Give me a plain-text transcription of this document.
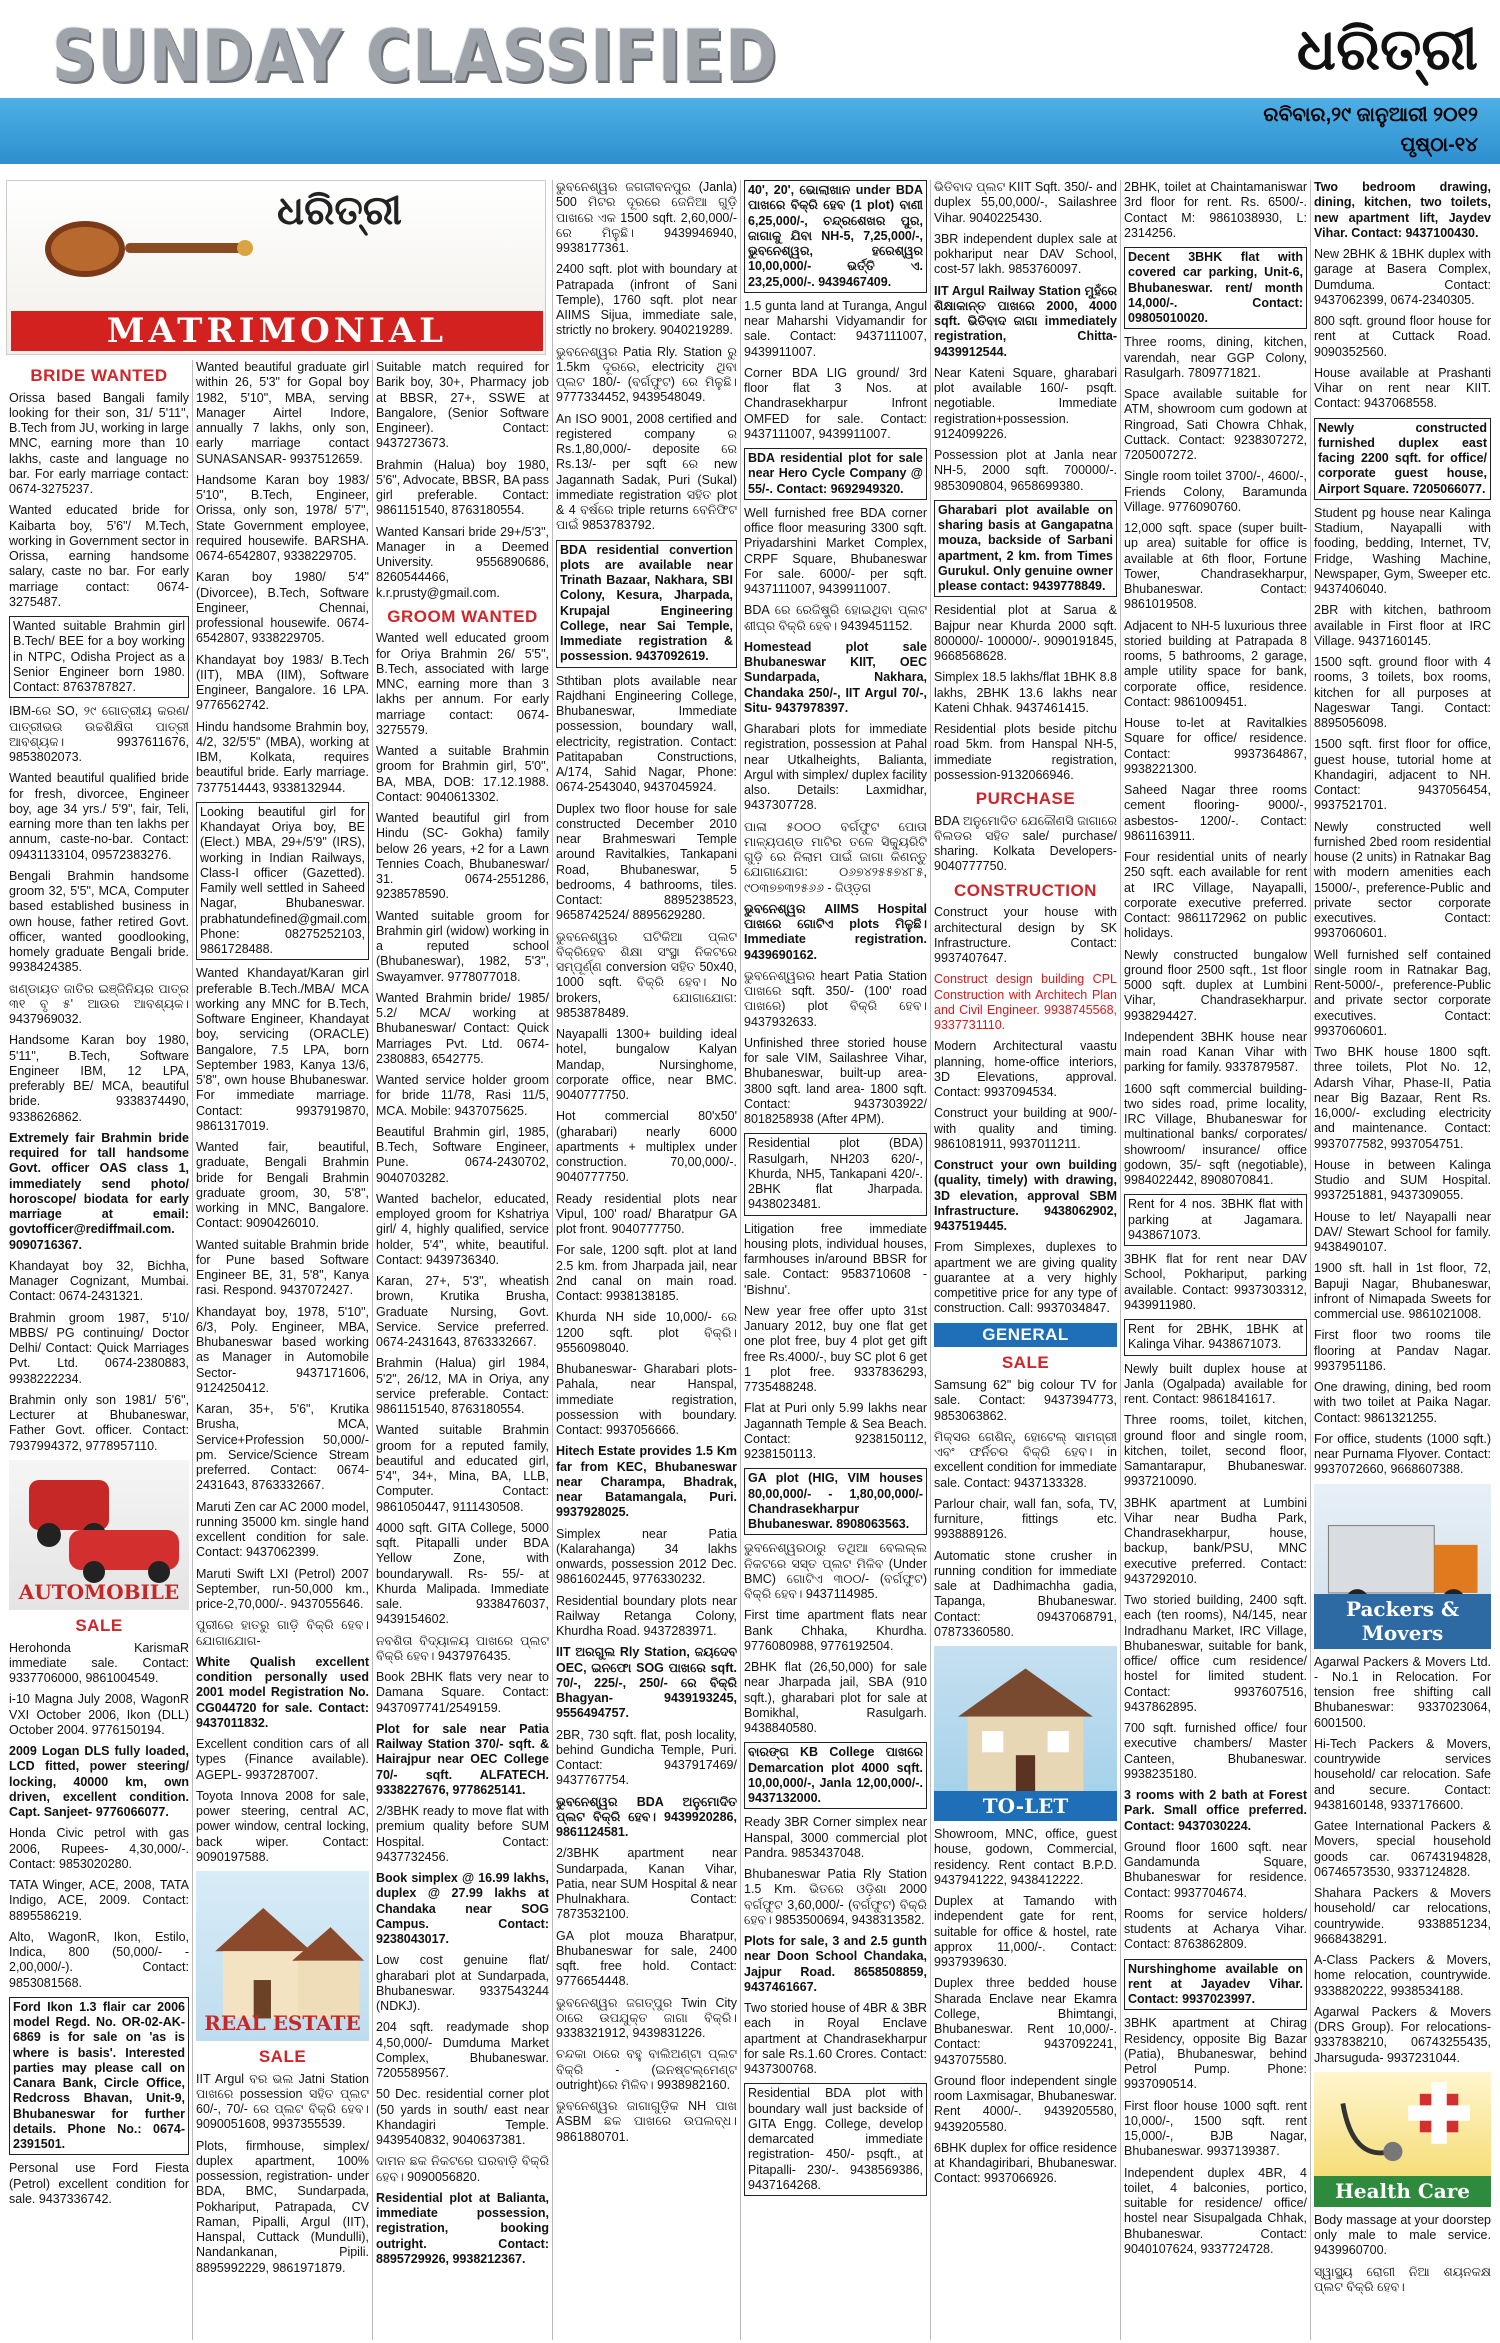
SUNDAY CLASSIFIED	ଧରିତ୍ରୀ
ରବିବାର,୨୯ ଜାନୁଆରୀ ୨୦୧୨
ପୃଷ୍ଠା-୧୪
ଧରିତ୍ରୀ
MATRIMONIAL
BRIDE WANTED
Orissa based Bangali family looking for their son, 31/ 5'11", B.Tech from JU, working in large MNC, earning more than 10 lakhs, caste and language no bar. For early marriage contact: 0674-3275237.
Wanted educated bride for Kaibarta boy, 5'6"/ M.Tech, working in Government sector in Orissa, earning handsome salary, caste no bar. For early marriage contact: 0674-3275487.
Wanted suitable Brahmin girl B.Tech/ BEE for a boy working in NTPC, Odisha Project as a Senior Engineer born 1980. Contact: 8763787827.
IBM-ରେ SO, ୨୯ ଗୋତ୍ରୀୟ କରଣ/ ପାତ୍ରୀଭଉ ଉଚ୍ଚଶିକ୍ଷିତା ପାତ୍ରୀ ଆବଶ୍ୟକ। 9937611676, 9853802073.
Wanted beautiful qualified bride for fresh, divorcee, Engineer boy, age 34 yrs./ 5'9", fair, Teli, earning more than ten lakhs per annum, caste-no-bar. Contact: 09431133104, 09572383276.
Bengali Brahmin handsome groom 32, 5'5", MCA, Computer based established business in own house, father retired Govt. officer, wanted goodlooking, homely graduate Bengali bride. 9938424385.
ଖଣ୍ଡାୟତ ଜାତିର ଇଞ୍ଜିନିୟର ପାତ୍ର ୩୧ ବୃ ୫' ଆଉର ଆବଶ୍ୟକ। 9437969032.
Handsome Karan boy 1980, 5'11", B.Tech, Software Engineer IBM, 12 LPA, preferably BE/ MCA, beautiful bride. 9338374490, 9338626862.
Extremely fair Brahmin bride required for tall handsome Govt. officer OAS class 1, immediately send photo/ horoscope/ biodata for early marriage at email: govtofficer@rediffmail.com. 9090716367.
Khandayat boy 32, Bichha, Manager Cognizant, Mumbai. Contact: 0674-2431321.
Brahmin groom 1987, 5'10/ MBBS/ PG continuing/ Doctor Delhi/ Contact: Quick Marriages Pvt. Ltd. 0674-2380883, 9938222234.
Brahmin only son 1981/ 5'6", Lecturer at Bhubaneswar, Father Govt. officer. Contact: 7937994372, 9778957110.
AUTOMOBILE
SALE
Herohonda KarismaR immediate sale. Contact: 9337706000, 9861004549.
i-10 Magna July 2008, WagonR VXI October 2006, Ikon (DLL) October 2004. 9776150194.
2009 Logan DLS fully loaded, LCD fitted, power steering/ locking, 40000 km, own driven, excellent condition. Capt. Sanjeet- 9776066077.
Honda Civic petrol with gas 2006, Rupees- 4,30,000/-. Contact: 9853020280.
TATA Winger, ACE, 2008, TATA Indigo, ACE, 2009. Contact: 8895586219.
Alto, WagonR, Ikon, Estilo, Indica, 800 (50,000/- - 2,00,000/-). Contact: 9853081568.
Ford Ikon 1.3 flair car 2006 model Regd. No. OR-02-AK-6869 is for sale on 'as is where is basis'. Interested parties may please call on Canara Bank, Circle Office, Redcross Bhavan, Unit-9, Bhubaneswar for further details. Phone No.: 0674-2391501.
Personal use Ford Fiesta (Petrol) excellent condition for sale. 9437336742.
Wanted beautiful graduate girl within 26, 5'3" for Gopal boy 1982, 5'10", MBA, serving Manager Airtel Indore, annually 7 lakhs, only son, early marriage contact SUNASANSAR- 9937512659.
Handsome Karan boy 1983/ 5'10", B.Tech, Engineer, Orissa, only son, 1978/ 5'7", State Government employee, required housewife. BARSHA. 0674-6542807, 9338229705.
Karan boy 1980/ 5'4" (Divorcee), B.Tech, Software Engineer, Chennai, professional housewife. 0674-6542807, 9338229705.
Khandayat boy 1983/ B.Tech (IIT), MBA (IIM), Software Engineer, Bangalore. 16 LPA. 9776562742.
Hindu handsome Brahmin boy, 4/2, 32/5'5" (MBA), working at IBM, Kolkata, requires beautiful bride. Early marriage. 7377514443, 9338132944.
Looking beautiful girl for Khandayat Oriya boy, BE (Elect.) MBA, 29+/5'9" (IRS), working in Indian Railways, Class-I officer (Gazetted). Family well settled in Saheed Nagar, Bhubaneswar. prabhatundefined@gmail.com. Phone: 08275252103, 9861728488.
Wanted Khandayat/Karan girl preferable B.Tech./MBA/ MCA working any MNC for B.Tech, Software Engineer, Khandayat boy, servicing (ORACLE) Bangalore, 7.5 LPA, born September 1983, Kanya 13/6, 5'8", own house Bhubaneswar. For immediate marriage. Contact: 9937919870, 9861317019.
Wanted fair, beautiful, graduate, Bengali Brahmin bride for Bengali Brahmin graduate groom, 30, 5'8", working in MNC, Bangalore. Contact: 9090426010.
Wanted suitable Brahmin bride for Pune based Software Engineer BE, 31, 5'8", Kanya rasi. Respond. 9437072427.
Khandayat boy, 1978, 5'10", 6/3, Poly. Engineer, MBA, Bhubaneswar based working as Manager in Automobile Sector- 9437171606, 9124250412.
Karan, 35+, 5'6", Krutika Brusha, MCA, Service+Profession 50,000/- pm. Service/Science Stream preferred. Contact: 0674-2431643, 8763332667.
Maruti Zen car AC 2000 model, running 35000 km. single hand excellent condition for sale. Contact: 9437062399.
Maruti Swift LXI (Petrol) 2007 September, run-50,000 km., price-2,70,000/-. 9437055646.
ପୁରୀରେ ହାତରୁ ଗାଡ଼ି ବିକ୍ରି ହେବ। ଯୋଗାଯୋଗ-
White Qualish excellent condition personally used 2001 model Registration No. CG044720 for sale. Contact: 9437011832.
Excellent condition cars of all types (Finance available). AGEPL- 9937287007.
Toyota Innova 2008 for sale, power steering, central AC, power window, central locking, back wiper. Contact: 9090197588.
REAL ESTATE
SALE
IIT Argul ବର ଭଲ Jatni Station ପାଖରେ possession ସହିତ ପ୍ଲଟ 60/-, 70/- ରେ ପ୍ଲଟ ବିକ୍ରି ହେବ। 9090051608, 9937355539.
Plots, firmhouse, simplex/ duplex apartment, 100% possession, registration- under BDA, BMC, Sundarpada, Pokhariput, Patrapada, CV Raman, Pipalli, Argul (IIT), Hanspal, Cuttack (Mundulli), Nandankanan, Pipili. 8895992229, 9861971879.
Suitable match required for Barik boy, 30+, Pharmacy job at BBSR, 27+, SSWE at Bangalore, (Senior Software Engineer). Contact: 9437273673.
Brahmin (Halua) boy 1980, 5'6", Advocate, BBSR, BA pass girl preferable. Contact: 9861151540, 8763180554.
Wanted Kansari bride 29+/5'3", Manager in a Deemed University. 9556890686, 8260544466, k.r.prusty@gmail.com.
GROOM WANTED
Wanted well educated groom for Oriya Brahmin 26/ 5'5", B.Tech, associated with large MNC, earning more than 3 lakhs per annum. For early marriage contact: 0674-3275579.
Wanted a suitable Brahmin groom for Brahmin girl, 5'0", BA, MBA, DOB: 17.12.1988. Contact: 9040613302.
Wanted beautiful girl from Hindu (SC- Gokha) family below 26 years, +2 for a Lawn Tennies Coach, Bhubaneswar/ 31. 0674-2551286, 9238578590.
Wanted suitable groom for Brahmin girl (widow) working in a reputed school (Bhubaneswar), 1982, 5'3", Swayamver. 9778077018.
Wanted Brahmin bride/ 1985/ 5.2/ MCA/ working at Bhubaneswar/ Contact: Quick Marriages Pvt. Ltd. 0674-2380883, 6542775.
Wanted service holder groom for bride 11/78, Rasi 11/5, MCA. Mobile: 9437075625.
Beautiful Brahmin girl, 1985, B.Tech, Software Engineer, Pune. 0674-2430702, 9040703282.
Wanted bachelor, educated, employed groom for Kshatriya girl/ 4, highly qualified, service holder, 5'4", white, beautiful. Contact: 9439736340.
Karan, 27+, 5'3", wheatish brown, Krutika Brusha, Graduate Nursing, Govt. Service. Service preferred. 0674-2431643, 8763332667.
Brahmin (Halua) girl 1984, 5'2", 26/12, MA in Oriya, any service preferable. Contact: 9861151540, 8763180554.
Wanted suitable Brahmin groom for a reputed family, beautiful and educated girl, 5'4", 34+, Mina, BA, LLB, Computer. Contact: 9861050447, 9111430508.
4000 sqft. GITA College, 5000 sqft. Pitapalli under BDA Yellow Zone, with boundarywall. Rs- 55/- at Khurda Malipada. Immediate sale. 9338476037, 9439154602.
ନବଶିତା ବିଦ୍ୟାଳୟ ପାଖରେ ପ୍ଲଟ ବିକ୍ରି ହେବ। 9437976435.
Book 2BHK flats very near to Damana Square. Contact: 9437097741/2549159.
Plot for sale near Patia Railway Station 370/- sqft. & Hairajpur near OEC College 70/- sqft. ALFATECH. 9338227676, 9778625141.
2/3BHK ready to move flat with premium quality before SUM Hospital. Contact: 9437732456.
Book simplex @ 16.99 lakhs, duplex @ 27.99 lakhs at Chandaka near SOG Campus. Contact: 9238043017.
Low cost genuine flat/ gharabari plot at Sundarpada, Bhubaneswar. 9337543244 (NDKJ).
204 sqft. readymade shop 4,50,000/- Dumduma Market Complex, Bhubaneswar. 7205589567.
50 Dec. residential corner plot (50 yards in south/ east near Khandagiri Temple. 9439540832, 9040637381.
ଦାମନ ଛକ ନିକଟରେ ଘରବାଡ଼ି ବିକ୍ରି ହେବ। 9090056820.
Residential plot at Balianta, immediate possession, registration, booking outright. Contact: 8895729926, 9938212367.
ଭୁବନେଶ୍ୱର ଜଗଜୀବନପୁର (Janla) 500 ମିଟର ଦୂରରେ ଜେନିଆ ଗୁଡ଼ି ପାଖରେ ଏକ 1500 sqft. 2,60,000/- ରେ ମିଳୁଛି। 9439946940, 9938177361.
2400 sqft. plot with boundary at Patrapada (infront of Sani Temple), 1760 sqft. plot near AIIMS Sijua, immediate sale, strictly no brokery. 9040219289.
ଭୁବନେଶ୍ୱର Patia Rly. Station ରୁ 1.5km ଦୂରରେ, electricity ଥିବା ପ୍ଲଟ 180/- (ବର୍ଗଫୁଟ) ରେ ମିଳୁଛି। 9777334452, 9439548049.
An ISO 9001, 2008 certified and registered company ର Rs.1,80,000/- deposite ରେ Rs.13/- per sqft ରେ new Jagannath Sadak, Puri (Sukal) immediate registration ସହିତ plot & 4 ବର୍ଷରେ triple returns ବେନିଫିଟ ପାଇଁ 9853783792.
BDA residential convertion plots are available near Trinath Bazaar, Nakhara, SBI Colony, Kesura, Jharpada, Krupajal Engineering College, near Sai Temple, Immediate registration & possession. 9437092619.
Sthtiban plots available near Rajdhani Engineering College, Bhubaneswar, Immediate possession, boundary wall, electricity, registration. Contact: Patitapaban Constructions, A/174, Sahid Nagar, Phone: 0674-2543040, 9437045924.
Duplex two floor house for sale constructed December 2010 near Brahmeswari Temple around Ravitalkies, Tankapani Road, Bhubaneswar, 5 bedrooms, 4 bathrooms, tiles. Contact: 8895238523, 9658742524/ 8895629280.
ଭୁବନେଶ୍ୱର ଘଟିକିଆ ପ୍ଲଟ ବିକ୍ରିହେବ ଶିକ୍ଷା ସଂସ୍ଥା ନିକଟରେ ସମ୍ପୂର୍ଣ୍ଣ conversion ସହିତ 50x40, 1000 sqft. ବିକ୍ରି ହେବ। No brokers, ଯୋଗାଯୋଗ: 9853878489.
Nayapalli 1300+ building ideal hotel, bungalow Kalyan Mandap, Nursinghome, corporate office, near BMC. 9040777750.
Hot commercial 80'x50' (gharabari) nearly 6000 apartments + multiplex under construction. 70,00,000/-. 9040777750.
Ready residential plots near Vipul, 100' road/ Bharatpur GA plot front. 9040777750.
For sale, 1200 sqft. plot at land 2.5 km. from Jharpada jail, near 2nd canal on main road. Contact: 9938138185.
Khurda NH side 10,000/- ରେ 1200 sqft. plot ବିକ୍ରି। 9556098040.
Bhubaneswar- Gharabari plots- Pahala, near Hanspal, immediate registration, possession with boundary. Contact: 9937056666.
Hitech Estate provides 1.5 Km far from KEC, Bhubaneswar near Charampa, Bhadrak, near Batamangala, Puri. 9937928025.
Simplex near Patia (Kalarahanga) 34 lakhs onwards, possession 2012 Dec. 9861602445, 9776330232.
Residential boundary plots near Railway Retanga Colony, Khurdha Road. 9437283971.
IIT ଅରଗୁଲ Rly Station, ଜୟଦେବ OEC, ଇନଫୋ SOG ପାଖରେ sqft. 70/-, 225/-, 250/- ରେ ବିକ୍ରି Bhagyan- 9439193245, 9556494757.
2BR, 730 sqft. flat, posh locality, behind Gundicha Temple, Puri. Contact: 9437917469/ 9437767754.
ଭୁବନେଶ୍ୱର BDA ଅନୁମୋଦିତ ପ୍ଲଟ ବିକ୍ରି ହେବ। 9439920286, 9861124581.
2/3BHK apartment near Sundarpada, Kanan Vihar, Patia, near SUM Hospital & near Phulnakhara. Contact: 7873532100.
GA plot mouza Bharatpur, Bhubaneswar for sale, 2400 sqft. free hold. Contact: 9776654448.
ଭୁବନେଶ୍ୱର ଜଗତ୍ପୁର Twin City ଠାରେ ଉପଯୁକ୍ତ ଜାଗା ବିକ୍ରି। 9338321912, 9439831226.
ଚନ୍ଦକା ଠାରେ ବହୁ ବାଲିଅଣ୍ଟା ପ୍ଲଟ ବିକ୍ରି - (ଇନଷ୍ଟଲ୍ମେଣ୍ଟ outright)ରେ ମିଳିବ। 9938982160.
ଭୁବନେଶ୍ୱର ଜାଗାଗୁଡ଼ିକ NH ପାଖ ASBM ଛକ ପାଖରେ ଉପଲବ୍ଧ। 9861880701.
40', 20', ଭୋଲାଖାନ under BDA ପାଖରେ ବିକ୍ରି ହେବ (1 plot) ବାଣୀ 6,25,000/-, ଚନ୍ଦ୍ରଶେଖର ପୁର, ଜାଗାକୁ ଯିବା NH-5, 7,25,000/-, ଭୁବନେଶ୍ୱର, ହରେଶ୍ୱର 10,00,000/- ଭର୍ତ୍ତି ଏ. 23,25,000/-. 9439467409.
1.5 gunta land at Turanga, Angul near Maharshi Vidyamandir for sale. Contact: 9437111007, 9439911007.
Corner BDA LIG ground/ 3rd floor flat 3 Nos. at Chandrasekharpur Infront OMFED for sale. Contact: 9437111007, 9439911007.
BDA residential plot for sale near Hero Cycle Company @ 55/-. Contact: 9692949320.
Well furnished free BDA corner office floor measuring 3300 sqft. Priyadarshini Market Complex, CRPF Square, Bhubaneswar For sale. 6000/- per sqft. 9437111007, 9439911007.
BDA ରେ ରେଜିଷ୍ଟ୍ରି ହୋଇଥିବା ପ୍ଲଟ ଶୀଘ୍ର ବିକ୍ରି ହେବ। 9439451152.
Homestead plot sale Bhubaneswar KIIT, OEC Sundarpada, Nakhara, Chandaka 250/-, IIT Argul 70/-, Situ- 9437978397.
Gharabari plots for immediate registration, possession at Pahal near Utkalheights, Balianta, Argul with simplex/ duplex facility also. Details: Laxmidhar, 9437307728.
ପାଳା ୫୦୦୦ ବର୍ଗଫୁଟ ପୋତା ମାଳ୍ୟପଣ୍ଡ ମାଟିର ତଳେ ସିକ୍ୟୁରିଟି ଗୁଡ଼ି ରେ ନିଲାମ ପାଇଁ ଜାଗା କିଣନ୍ତୁ ଯୋଗାଯୋଗ: ୦୬୭୪୨୫୫୭୪୮୫, ୯୦୩୭୭୩୨୫୬୬ - ଜିଓ୍ଡ଼ଗ
ଭୁବନେଶ୍ୱର AIIMS Hospital ପାଖରେ ଗୋଟିଏ plots ମିଳୁଛି। Immediate registration. 9439690162.
ଭୁବନେଶ୍ୱରର heart Patia Station ପାଖରେ sqft. 350/- (100' road ପାଖରେ) plot ବିକ୍ରି ହେବ। 9437932633.
Unfinished three storied house for sale VIM, Sailashree Vihar, Bhubaneswar, built-up area-3800 sqft. land area- 1800 sqft. Contact: 9437303922/ 8018258938 (After 4PM).
Residential plot (BDA) Rasulgarh, NH203 620/-, Khurda, NH5, Tankapani 420/-. 2BHK flat Jharpada. 9438023481.
Litigation free immediate housing plots, individual houses, farmhouses in/around BBSR for sale. Contact: 9583710608 -'Bishnu'.
New year free offer upto 31st January 2012, buy one flat get one plot free, buy 4 plot get gift free Rs.4000/-, buy SC plot 6 get 1 plot free. 9337836293, 7735488248.
Flat at Puri only 5.99 lakhs near Jagannath Temple & Sea Beach. Contact: 9238150112, 9238150113.
GA plot (HIG, VIM houses 80,00,000/- - 1,80,00,000/- Chandrasekharpur Bhubaneswar. 8908063563.
ଭୁବନେଶ୍ୱରଠାରୁ ତଥିଆ ବେଲଲ୍ଲ ନିକଟରେ ସସ୍ତ ପ୍ଲଟ ମିଳିବ (Under BMC) ଗୋଟିଏ ୩୦୦/- (ବର୍ଗଫୁଟ) ବିକ୍ରି ହେବ। 9437114985.
First time apartment flats near Bank Chhaka, Khurdha. 9776080988, 9776192504.
2BHK flat (26,50,000) for sale near Jharpada jail, SBA (910 sqft.), gharabari plot for sale at Bomikhal, Rasulgarh. 9438840580.
ବାରଙ୍ଗ KB College ପାଖରେ Demarcation plot 4000 sqft. 10,00,000/-, Janla 12,00,000/-. 9437132000.
Ready 3BR Corner simplex near Hanspal, 3000 commercial plot Pandra. 9853437048.
Bhubaneswar Patia Rly Station 1.5 Km. ଭିତରେ ଓଡ଼ିଶା 2000 ବର୍ଗଫୁଟ 3,60,000/- (ବର୍ଗଫୁଟ) ବିକ୍ରି ହେବ। 9853500694, 9438313582.
Plots for sale, 3 and 2.5 gunth near Doon School Chandaka, Jajpur Road. 8658508859, 9437461667.
Two storied house of 4BR & 3BR each in Royal Enclave apartment at Chandrasekharpur for sale Rs.1.60 Crores. Contact: 9437300768.
Residential BDA plot with boundary wall just backside of GITA Engg. College, develop demarcated immediate registration- 450/- psqft., at Pitapalli- 230/-. 9438569386, 9437164268.
ଭିତିବାଦ ପ୍ଲଟ KIIT Sqft. 350/- and duplex 55,00,000/-, Sailashree Vihar. 9040225430.
3BR independent duplex sale at pokhariput near DAV School, cost-57 lakh. 9853760097.
IIT Argul Railway Station ମୁହଁରେ ଶିକ୍ଷାକାନ୍ତ ପାଖରେ 2000, 4000 sqft. ଭିତିବାଦ ଜାଗା immediately registration, Chitta- 9439912544.
Near Kateni Square, gharabari plot available 160/- psqft. negotiable. Immediate registration+possession. 9124099226.
Possession plot at Janla near NH-5, 2000 sqft. 700000/-. 9853090804, 9658699380.
Gharabari plot available on sharing basis at Gangapatna mouza, backside of Sarbani apartment, 2 km. from Times Gurukul. Only genuine owner please contact: 9439778849.
Residential plot at Sarua & Bajpur near Khurda 2000 sqft. 800000/- 100000/-. 9090191845, 9668568628.
Simplex 18.5 lakhs/flat 1BHK 8.8 lakhs, 2BHK 13.6 lakhs near Kateni Chhak. 9437461415.
Residential plots beside pitchu road 5km. from Hanspal NH-5, immediate registration, possession-9132066946.
PURCHASE
BDA ଅନୁମୋଦିତ ଯେକୌଣସି ଜାଗାରେ ବିଲଡର ସହିତ sale/ purchase/ sharing. Kolkata Developers- 9040777750.
CONSTRUCTION
Construct your house with architectural design by SK Infrastructure. Contact: 9937407647.
Construct design building CPL Construction with Architech Plan and Civil Engineer. 9938745568, 9337731110.
Modern Architectural vaastu planning, home-office interiors, 3D Elevations, approval. Contact: 9937094534.
Construct your building at 900/- with quality and timing. 9861081911, 9937011211.
Construct your own building (quality, timely) with drawing, 3D elevation, approval SBM Infrastructure. 9438062902, 9437519445.
From Simplexes, duplexes to apartment we are giving quality guarantee at a very highly competitive price for any type of construction. Call: 9937034847.
GENERAL
SALE
Samsung 62" big colour TV for sale. Contact: 9437394773, 9853063862.
ମିକ୍ସର ଗେଶିନ୍, ହୋଟେଲ୍ ସାମଗ୍ରୀ ଏବଂ ଫର୍ନିଚର ବିକ୍ରି ହେବ। in excellent condition for immediate sale. Contact: 9437133328.
Parlour chair, wall fan, sofa, TV, furniture, fittings etc. 9938889126.
Automatic stone crusher in running condition for immediate sale at Dadhimachha gadia, Tapanga, Bhubaneswar. Contact: 09437068791, 07873360580.
TO-LET
Showroom, MNC, office, guest house, godown, Commercial, residency. Rent contact B.P.D. 9437941222, 9438412222.
Duplex at Tamando with independent gate for rent, suitable for office & hostel, rate approx 11,000/-. Contact: 9937939630.
Duplex three bedded house Sharada Enclave near Ekamra College, Bhimtangi, Bhubaneswar. Rent 10,000/-. Contact: 9437092241, 9437075580.
Ground floor independent single room Laxmisagar, Bhubaneswar. Rent 4000/-. 9439205580, 9439205580.
6BHK duplex for office residence at Khandagiribari, Bhubaneswar. Contact: 9937066926.
2BHK, toilet at Chaintamaniswar 3rd floor for rent. Rs. 6500/-. Contact M: 9861038930, L: 2314256.
Decent 3BHK flat with covered car parking, Unit-6, Bhubaneswar. rent/ month 14,000/-. Contact: 09805010020.
Three rooms, dining, kitchen, varendah, near GGP Colony, Rasulgarh. 7809771821.
Space available suitable for ATM, showroom cum godown at Ringroad, Sati Chowra Chhak, Cuttack. Contact: 9238307272, 7205007272.
Single room toilet 3700/-, 4600/-, Friends Colony, Baramunda Village. 9776090760.
12,000 sqft. space (super built-up area) suitable for office is available at 6th floor, Fortune Tower, Chandrasekharpur, Bhubaneswar. Contact: 9861019508.
Adjacent to NH-5 luxurious three storied building at Patrapada 8 rooms, 5 bathrooms, 2 garage, ample utility space for bank, corporate office, residence. Contact: 9861009451.
House to-let at Ravitalkies Square for office/ residence. Contact: 9937364867, 9938221300.
Saheed Nagar three rooms cement flooring- 9000/-, asbestos- 1200/-. Contact: 9861163911.
Four residential units of nearly 250 sqft. each available for rent at IRC Village, Nayapalli, corporate executive preferred. Contact: 9861172962 on public holidays.
Newly constructed bungalow ground floor 2500 sqft., 1st floor 5000 sqft. duplex at Lumbini Vihar, Chandrasekharpur. 9938294427.
Independent 3BHK house near main road Kanan Vihar with parking for family. 9337879587.
1600 sqft commercial building- two sides road, prime locality, IRC Village, Bhubaneswar for multinational banks/ corporates/ showroom/ insurance/ office godown, 35/- sqft (negotiable), 9984022442, 8908070841.
Rent for 4 nos. 3BHK flat with parking at Jagamara. 9438671073.
3BHK flat for rent near DAV School, Pokhariput, parking available. Contact: 9937303312, 9439911980.
Rent for 2BHK, 1BHK at Kalinga Vihar. 9438671073.
Newly built duplex house at Janla (Ogalpada) available for rent. Contact: 9861841617.
Three rooms, toilet, kitchen, ground floor and single room, kitchen, toilet, second floor, Samantarapur, Bhubaneswar. 9937210090.
3BHK apartment at Lumbini Vihar near Budha Park, Chandrasekharpur, house, backup, bank/PSU, MNC executive preferred. Contact: 9437292010.
Two storied building, 2400 sqft. each (ten rooms), N4/145, near Indradhanu Market, IRC Village, Bhubaneswar, suitable for bank, office/ office cum residence/ hostel for limited student. Contact: 9937607516, 9437862895.
700 sqft. furnished office/ four executive chambers/ Master Canteen, Bhubaneswar. 9938235180.
3 rooms with 2 bath at Forest Park. Small office preferred. Contact: 9437030224.
Ground floor 1600 sqft. near Gandamunda Square, Bhubaneswar for residence. Contact: 9937704674.
Rooms for service holders/ students at Acharya Vihar. Contact: 8763862809.
Nurshinghome available on rent at Jayadev Vihar. Contact: 9937023997.
3BHK apartment at Chirag Residency, opposite Big Bazar (Patia), Bhubaneswar, behind Petrol Pump. Phone: 9937090514.
First floor house 1000 sqft. rent 10,000/-, 1500 sqft. rent 15,000/-, BJB Nagar, Bhubaneswar. 9937139387.
Independent duplex 4BR, 4 toilet, 4 balconies, portico, suitable for residence/ office/ hostel near Sisupalgada Chhak, Bhubaneswar. Contact: 9040107624, 9337724728.
Two bedroom drawing, dining, kitchen, two toilets, new apartment lift, Jaydev Vihar. Contact: 9437100430.
New 2BHK & 1BHK duplex with garage at Basera Complex, Dumduma. Contact: 9437062399, 0674-2340305.
800 sqft. ground floor house for rent at Cuttack Road. 9090352560.
House available at Prashanti Vihar on rent near KIIT. Contact: 9437068558.
Newly constructed furnished duplex east facing 2200 sqft. for office/ corporate guest house, Airport Square. 7205066077.
Student pg house near Kalinga Stadium, Nayapalli with fooding, bedding, Internet, TV, Fridge, Washing Machine, Newspaper, Gym, Sweeper etc. 9437406040.
2BR with kitchen, bathroom available in First floor at IRC Village. 9437160145.
1500 sqft. ground floor with 4 rooms, 3 toilets, box rooms, kitchen for all purposes at Nageswar Tangi. Contact: 8895056098.
1500 sqft. first floor for office, guest house, tutorial home at Khandagiri, adjacent to NH. Contact: 9437056454, 9937521701.
Newly constructed well furnished 2bed room residential house (2 units) in Ratnakar Bag with modern amenities each 15000/-, preference-Public and private sector corporate executives. Contact: 9937060601.
Well furnished self contained single room in Ratnakar Bag, Rent-5000/-, preference-Public and private sector corporate executives. Contact: 9937060601.
Two BHK house 1800 sqft. three toilets, Plot No. 12, Adarsh Vihar, Phase-II, Patia near Big Bazaar, Rent Rs. 16,000/- excluding electricity and maintenance. Contact: 9937077582, 9937054751.
House in between Kalinga Studio and SUM Hospital. 9937251881, 9437309055.
House to let/ Nayapalli near DAV/ Stewart School for family. 9438490107.
1900 sft. hall in 1st floor, 72, Bapuji Nagar, Bhubaneswar, infront of Nimapada Sweets for commercial use. 9861021008.
First floor two rooms tile flooring at Pandav Nagar. 9937951186.
One drawing, dining, bed room with two toilet at Paika Nagar. Contact: 9861321255.
For office, students (1000 sqft.) near Purnama Flyover. Contact: 9937072660, 9668607388.
Packers & Movers
Agarwal Packers & Movers Ltd. - No.1 in Relocation. For tension free shifting call Bhubaneswar: 9337023064, 6001500.
Hi-Tech Packers & Movers, countrywide services household/ car relocation. Safe and secure. Contact: 9438160148, 9337176600.
Gatee International Packers & Movers, special household goods car. 06743194828, 06746573530, 9337124828.
Shahara Packers & Movers household/ car relocations, countrywide. 9338851234, 9668438291.
A-Class Packers & Movers, home relocation, countrywide. 9338820222, 9938534188.
Agarwal Packers & Movers (DRS Group). For relocations- 9337838210, 06743255435, Jharsuguda- 9937231044.
Health Care
Body massage at your doorstep only male to male service. 9439960700.
ସ୍ୱାସ୍ଥ୍ୟ ରୋଗୀ ନିଆ ଶୟନକକ୍ଷ ପ୍ଲଟ ବିକ୍ରି ହେବ।
